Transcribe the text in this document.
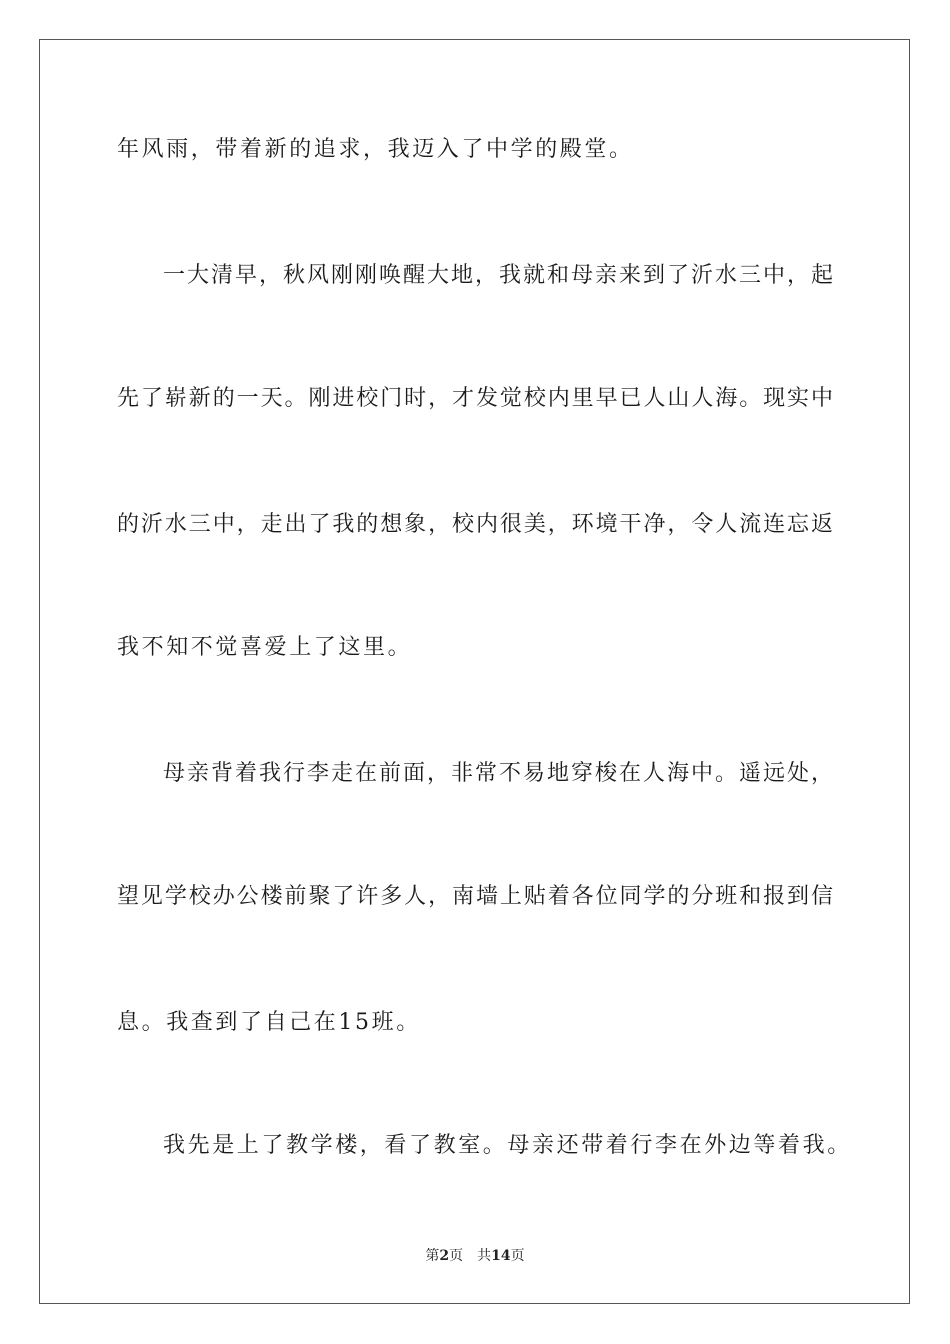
年风雨，带着新的追求，我迈入了中学的殿堂。
一大清早，秋风刚刚唤醒大地，我就和母亲来到了沂水三中，起
先了崭新的一天。刚进校门时，才发觉校内里早已人山人海。现实中
的沂水三中，走出了我的想象，校内很美，环境干净，令人流连忘返
我不知不觉喜爱上了这里。
母亲背着我行李走在前面，非常不易地穿梭在人海中。遥远处，
望见学校办公楼前聚了许多人，南墙上贴着各位同学的分班和报到信
息。我查到了自己在15班。
我先是上了教学楼，看了教室。母亲还带着行李在外边等着我。
第2页 共14页
